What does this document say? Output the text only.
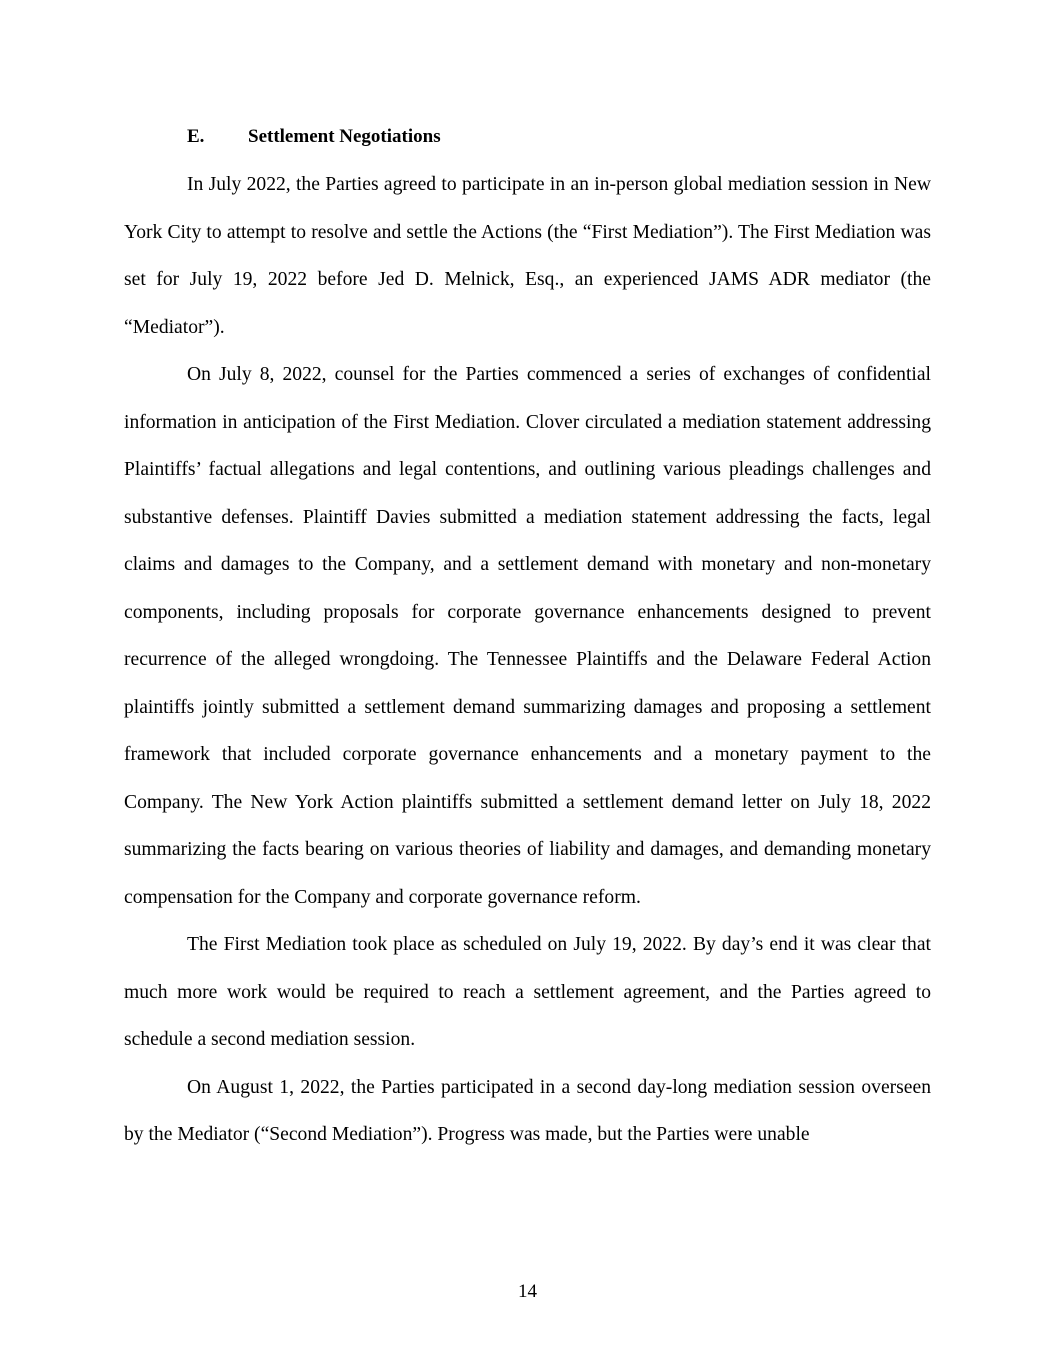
E. Settlement Negotiations

In July 2022, the Parties agreed to participate in an in-person global mediation session in New York City to attempt to resolve and settle the Actions (the “First Mediation”). The First Mediation was set for July 19, 2022 before Jed D. Melnick, Esq., an experienced JAMS ADR mediator (the “Mediator”).

On July 8, 2022, counsel for the Parties commenced a series of exchanges of confidential information in anticipation of the First Mediation. Clover circulated a mediation statement addressing Plaintiffs’ factual allegations and legal contentions, and outlining various pleadings challenges and substantive defenses. Plaintiff Davies submitted a mediation statement addressing the facts, legal claims and damages to the Company, and a settlement demand with monetary and non-monetary components, including proposals for corporate governance enhancements designed to prevent recurrence of the alleged wrongdoing. The Tennessee Plaintiffs and the Delaware Federal Action plaintiffs jointly submitted a settlement demand summarizing damages and proposing a settlement framework that included corporate governance enhancements and a monetary payment to the Company. The New York Action plaintiffs submitted a settlement demand letter on July 18, 2022 summarizing the facts bearing on various theories of liability and damages, and demanding monetary compensation for the Company and corporate governance reform.

The First Mediation took place as scheduled on July 19, 2022. By day’s end it was clear that much more work would be required to reach a settlement agreement, and the Parties agreed to schedule a second mediation session.

On August 1, 2022, the Parties participated in a second day-long mediation session overseen by the Mediator (“Second Mediation”). Progress was made, but the Parties were unable

14
